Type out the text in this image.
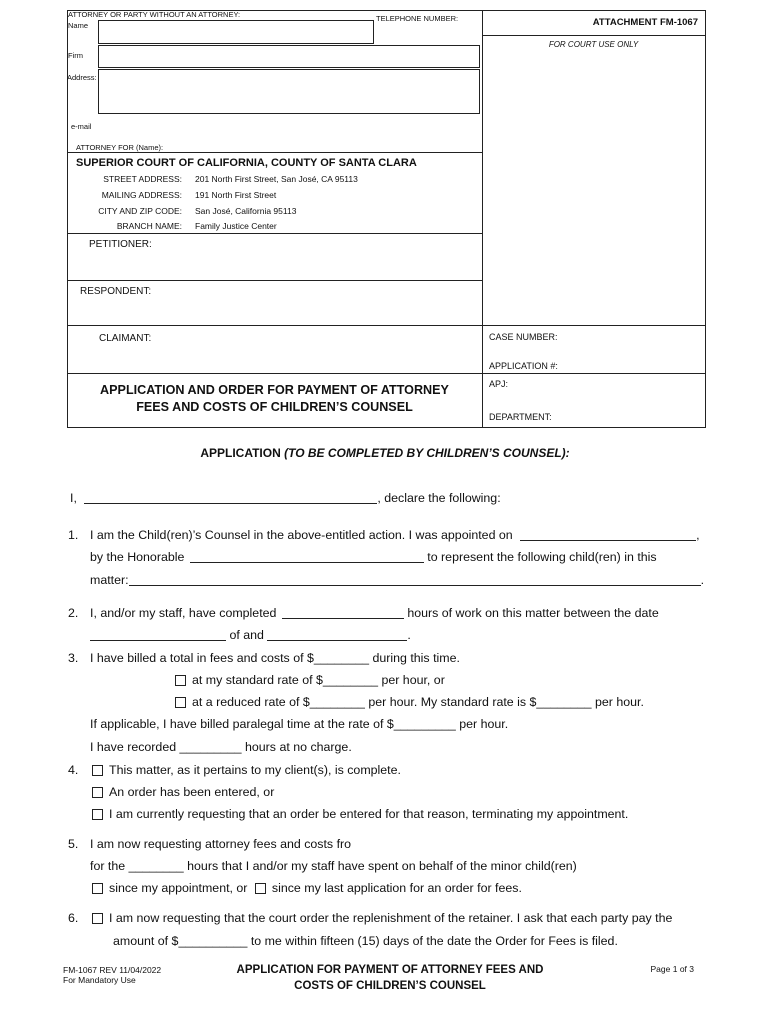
ATTORNEY OR PARTY WITHOUT AN ATTORNEY:
Name
TELEPHONE NUMBER:
Firm
Address:
e-mail
ATTORNEY FOR (Name):
ATTACHMENT FM-1067
FOR COURT USE ONLY
SUPERIOR COURT OF CALIFORNIA, COUNTY OF SANTA CLARA
STREET ADDRESS: 201 North First Street, San José, CA 95113
MAILING ADDRESS: 191 North First Street
CITY AND ZIP CODE: San José, California 95113
BRANCH NAME: Family Justice Center
PETITIONER:
RESPONDENT:
CLAIMANT:	CASE NUMBER:
APPLICATION #:
APJ:
DEPARTMENT:
APPLICATION AND ORDER FOR PAYMENT OF ATTORNEY
FEES AND COSTS OF CHILDREN’S COUNSEL
APPLICATION (TO BE COMPLETED BY CHILDREN’S COUNSEL):
I,	, declare the following:
1. I am the Child(ren)’s Counsel in the above-entitled action. I was appointed on	,
by the Honorable	to represent the following child(ren) in this
matter:	.
2. I, and/or my staff, have completed	hours of work on this matter between the date
of and	.
3. I have billed a total in fees and costs of $________ during this time.
at my standard rate of $________ per hour, or
at a reduced rate of $________ per hour. My standard rate is $________ per hour.
If applicable, I have billed paralegal time at the rate of $_________ per hour.
I have recorded _________ hours at no charge.
4.	This matter, as it pertains to my client(s), is complete.
An order has been entered, or
I am currently requesting that an order be entered for that reason, terminating my appointment.
5. I am now requesting attorney fees and costs fro
for the ________ hours that I and/or my staff have spent on behalf of the minor child(ren)
since my appointment, or since my last application for an order for fees.
6.	I am now requesting that the court order the replenishment of the retainer. I ask that each party pay the
amount of $__________ to me within fifteen (15) days of the date the Order for Fees is filed.
FM-1067 REV 11/04/2022
For Mandatory Use
APPLICATION FOR PAYMENT OF ATTORNEY FEES AND
COSTS OF CHILDREN’S COUNSEL
Page 1 of 3
